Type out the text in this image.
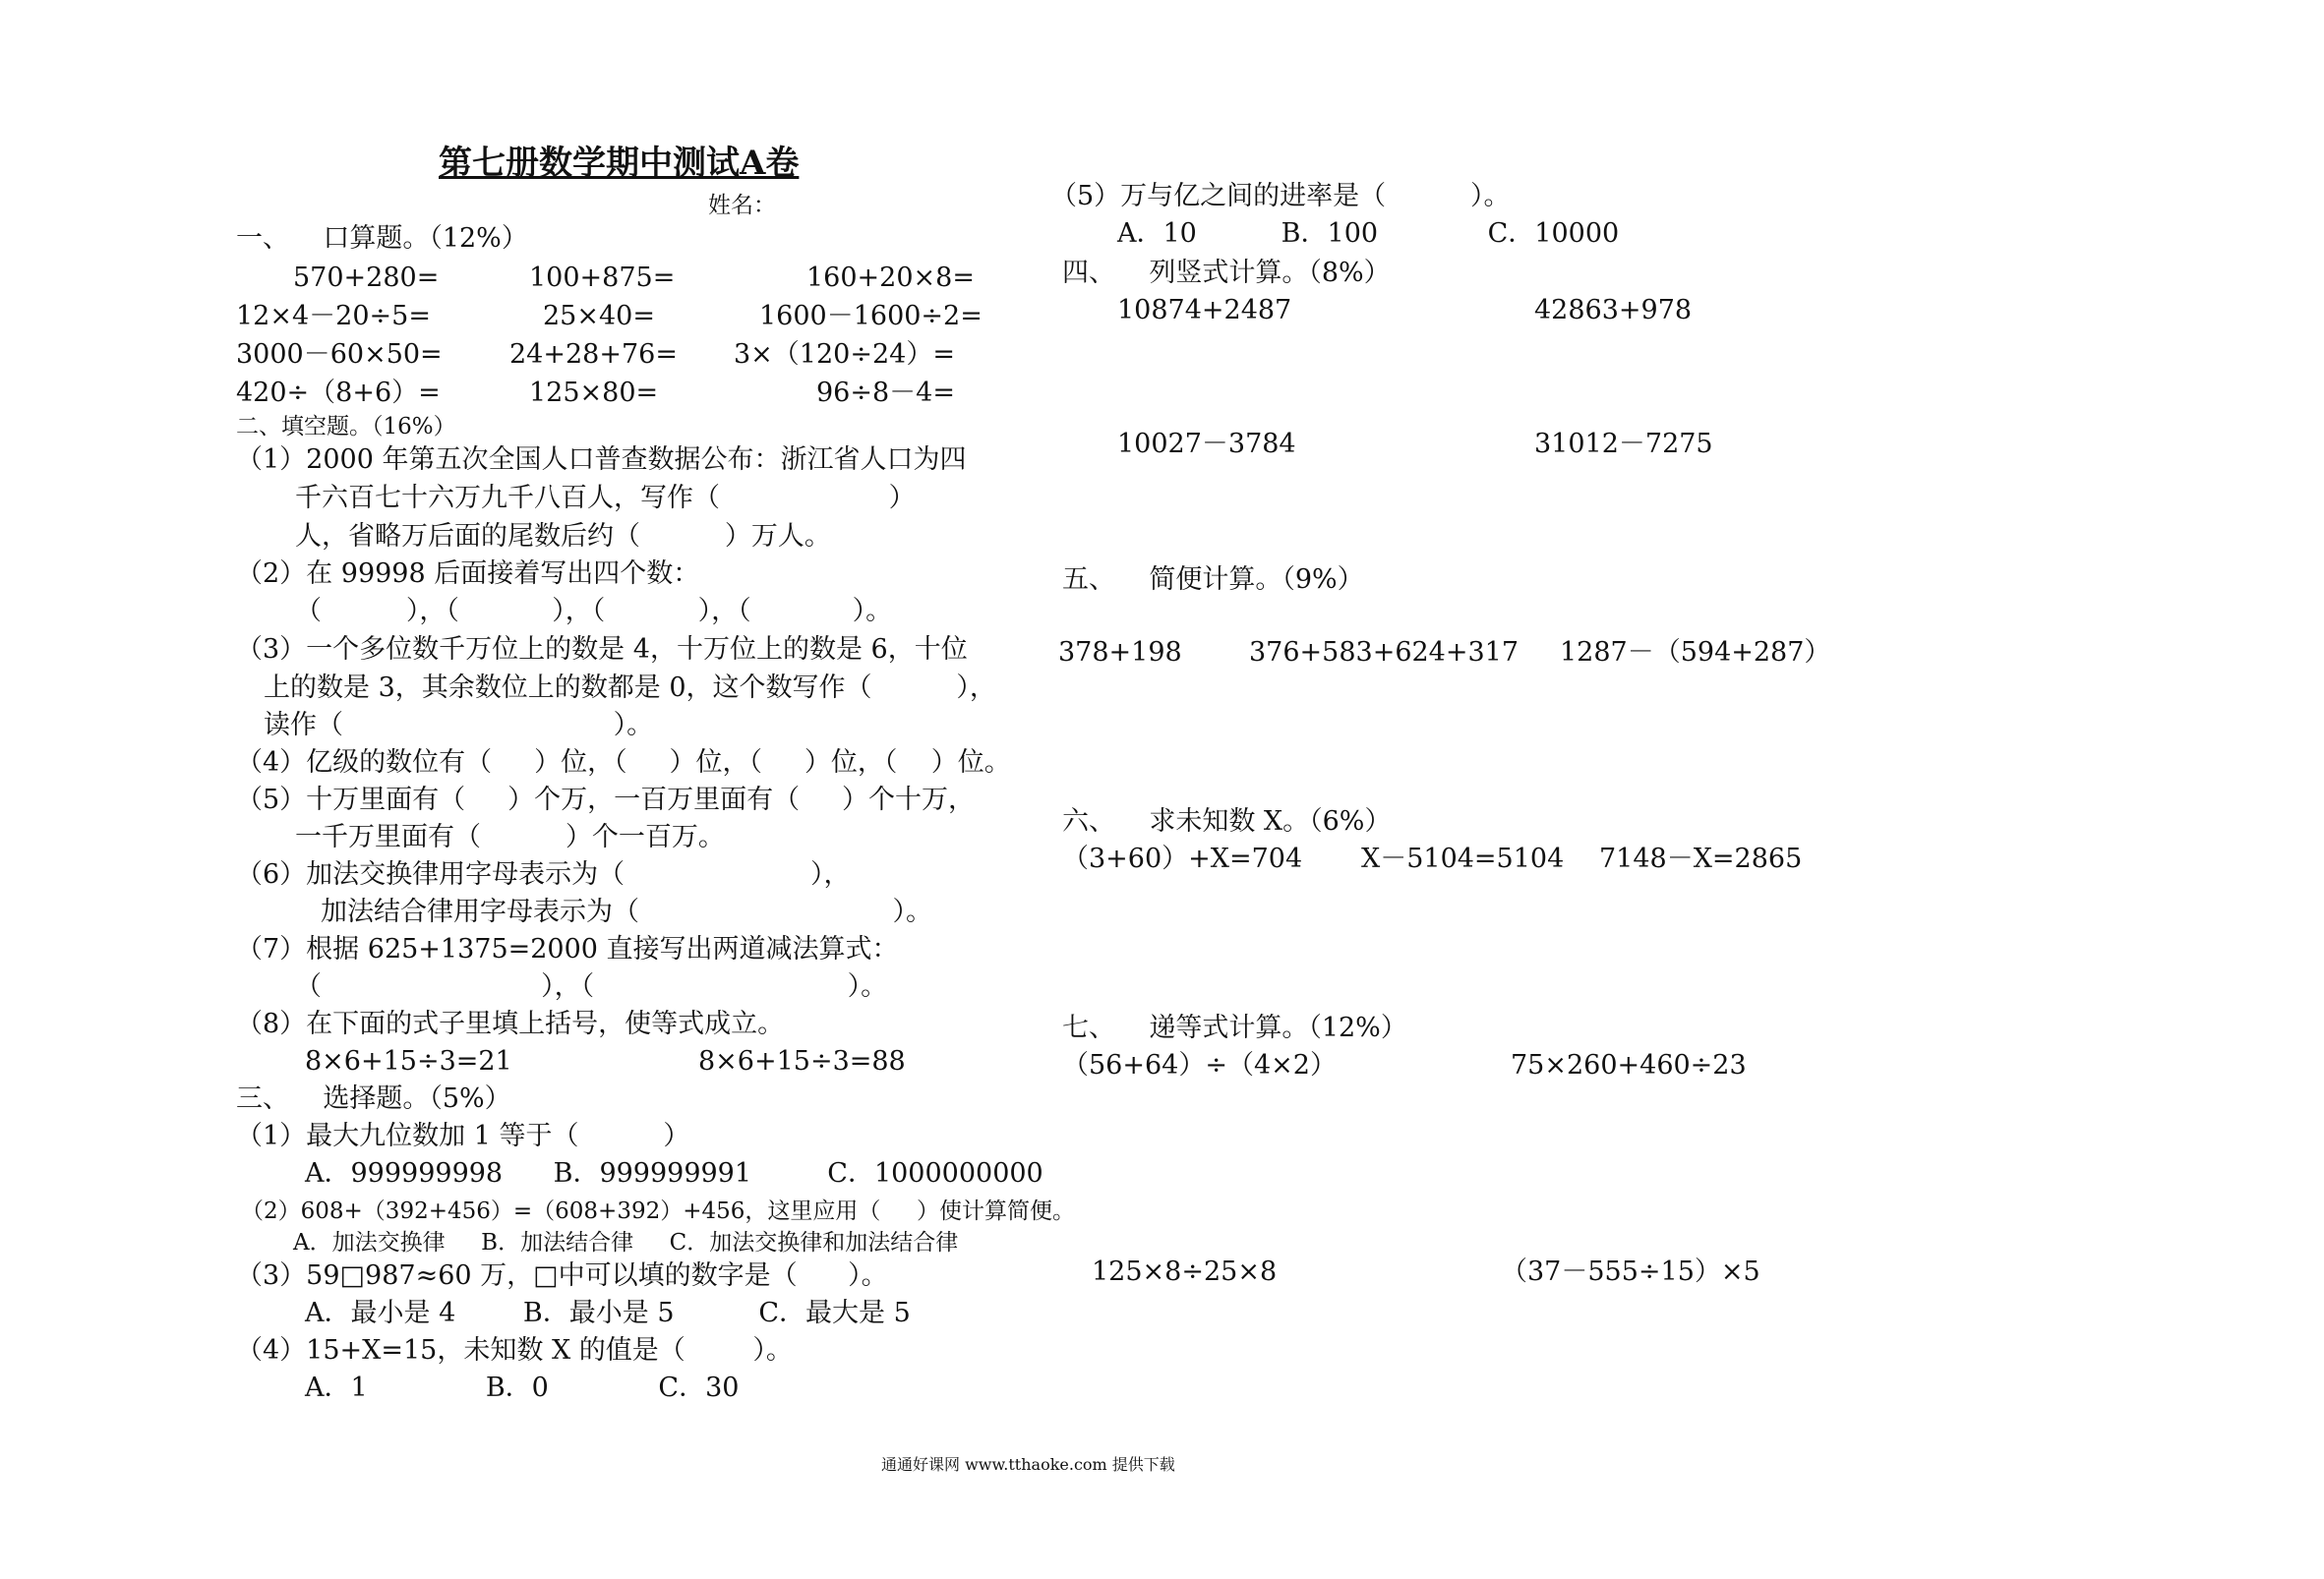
第七册数学期中测试A卷
姓名：
一、    口算题。（12%）
570+280=	100+875=	160+20×8=
12×4－20÷5=	25×40=	1600－1600÷2=
3000－60×50=	24+28+76= 3×（120÷24）=
420÷（8+6）=	125×80=	96÷8－4=
二、填空题。（16%）
（1）2000 年第五次全国人口普查数据公布：浙江省人口为四
千六百七十六万九千八百人，写作（                    ）
人，省略万后面的尾数后约（          ）万人。
（2）在 99998 后面接着写出四个数：
（          ），（           ），（           ），（            ）。
（3）一个多位数千万位上的数是 4，十万位上的数是 6，十位
上的数是 3，其余数位上的数都是 0，这个数写作（          ），
读作（                                ）。
（4）亿级的数位有（     ）位，（     ）位，（     ）位，（    ）位。
（5）十万里面有（     ）个万，一百万里面有（     ）个十万，
一千万里面有（          ）个一百万。
（6）加法交换律用字母表示为（                      ），
加法结合律用字母表示为（                              ）。
（7）根据 625+1375=2000 直接写出两道减法算式：
（                          ），（                              ）。
（8）在下面的式子里填上括号，使等式成立。
8×6+15÷3=21	8×6+15÷3=88
三、    选择题。（5%）
（1）最大九位数加 1 等于（          ）
A．999999998      B．999999991         C．1000000000
（2）608+（392+456）=（608+392）+456，这里应用（     ）使计算简便。
A．加法交换律     B．加法结合律     C．加法交换律和加法结合律
（3）59□987≈60 万，□中可以填的数字是（      ）。
A．最小是 4        B．最小是 5          C．最大是 5
（4）15+X=15，未知数 X 的值是（        ）。
A．1              B．0             C．30
（5）万与亿之间的进率是（          ）。
A．10          B．100             C．10000
四、    列竖式计算。（8%）
10874+2487	42863+978
10027－3784	31012－7275
五、    简便计算。（9%）
378+198	376+583+624+317 1287－（594+287）
六、    求未知数 X。（6%）
（3+60）+X=704 X－5104=5104 7148－X=2865
七、    递等式计算。（12%）
（56+64）÷（4×2）	75×260+460÷23
125×8÷25×8	（37－555÷15）×5
通通好课网 www.tthaoke.com 提供下载
